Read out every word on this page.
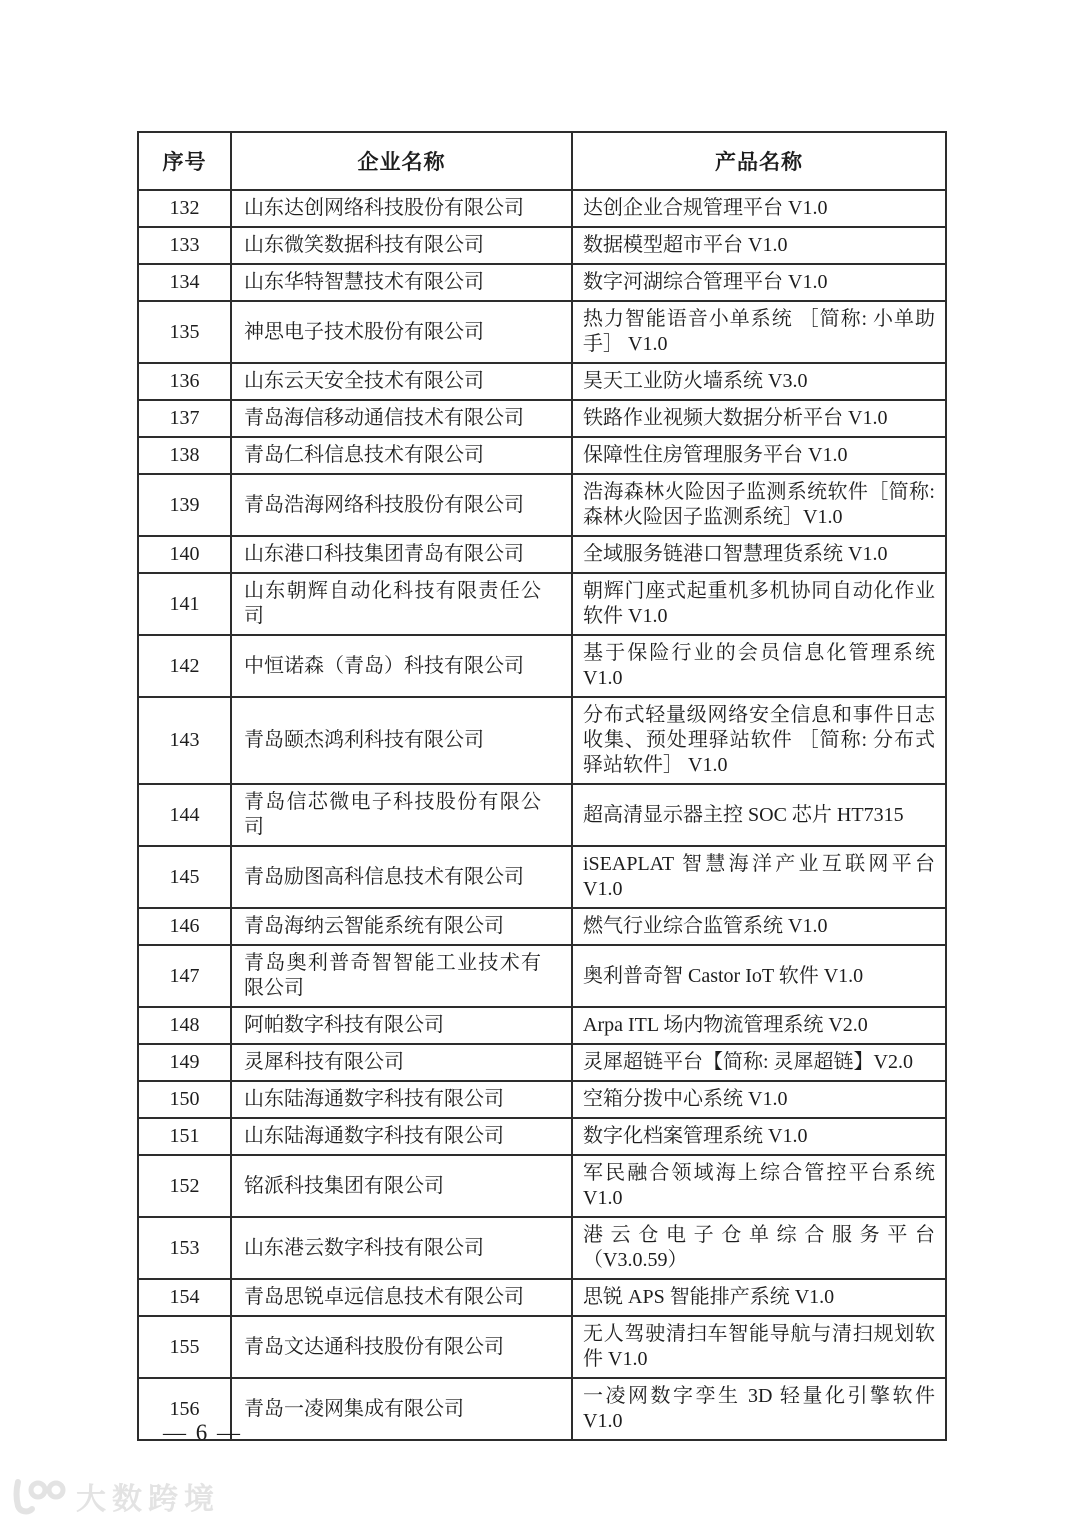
序号	企业名称	产品名称
132	山东达创网络科技股份有限公司	达创企业合规管理平台 V1.0
133	山东微笑数据科技有限公司	数据模型超市平台 V1.0
134	山东华特智慧技术有限公司	数字河湖综合管理平台 V1.0
135	神思电子技术股份有限公司	热力智能语音小单系统 ［简称: 小单助手］ V1.0
136	山东云天安全技术有限公司	昊天工业防火墙系统 V3.0
137	青岛海信移动通信技术有限公司	铁路作业视频大数据分析平台 V1.0
138	青岛仁科信息技术有限公司	保障性住房管理服务平台 V1.0
139	青岛浩海网络科技股份有限公司	浩海森林火险因子监测系统软件［简称:森林火险因子监测系统］V1.0
140	山东港口科技集团青岛有限公司	全域服务链港口智慧理货系统 V1.0
141	山东朝辉自动化科技有限责任公司	朝辉门座式起重机多机协同自动化作业软件 V1.0
142	中恒诺森（青岛）科技有限公司	基于保险行业的会员信息化管理系统 V1.0
143	青岛颐杰鸿利科技有限公司	分布式轻量级网络安全信息和事件日志收集、预处理驿站软件 ［简称: 分布式驿站软件］ V1.0
144	青岛信芯微电子科技股份有限公司	超高清显示器主控 SOC 芯片 HT7315
145	青岛励图高科信息技术有限公司	iSEAPLAT 智慧海洋产业互联网平台 V1.0
146	青岛海纳云智能系统有限公司	燃气行业综合监管系统 V1.0
147	青岛奥利普奇智智能工业技术有限公司	奥利普奇智 Castor IoT 软件 V1.0
148	阿帕数字科技有限公司	Arpa ITL 场内物流管理系统 V2.0
149	灵犀科技有限公司	灵犀超链平台【简称: 灵犀超链】V2.0
150	山东陆海通数字科技有限公司	空箱分拨中心系统 V1.0
151	山东陆海通数字科技有限公司	数字化档案管理系统 V1.0
152	铭派科技集团有限公司	军民融合领域海上综合管控平台系统 V1.0
153	山东港云数字科技有限公司	港云仓电子仓单综合服务平台（V3.0.59）
154	青岛思锐卓远信息技术有限公司	思锐 APS 智能排产系统 V1.0
155	青岛文达通科技股份有限公司	无人驾驶清扫车智能导航与清扫规划软件 V1.0
156	青岛一凌网集成有限公司	一凌网数字孪生 3D 轻量化引擎软件 V1.0
— 6 —
大数跨境
